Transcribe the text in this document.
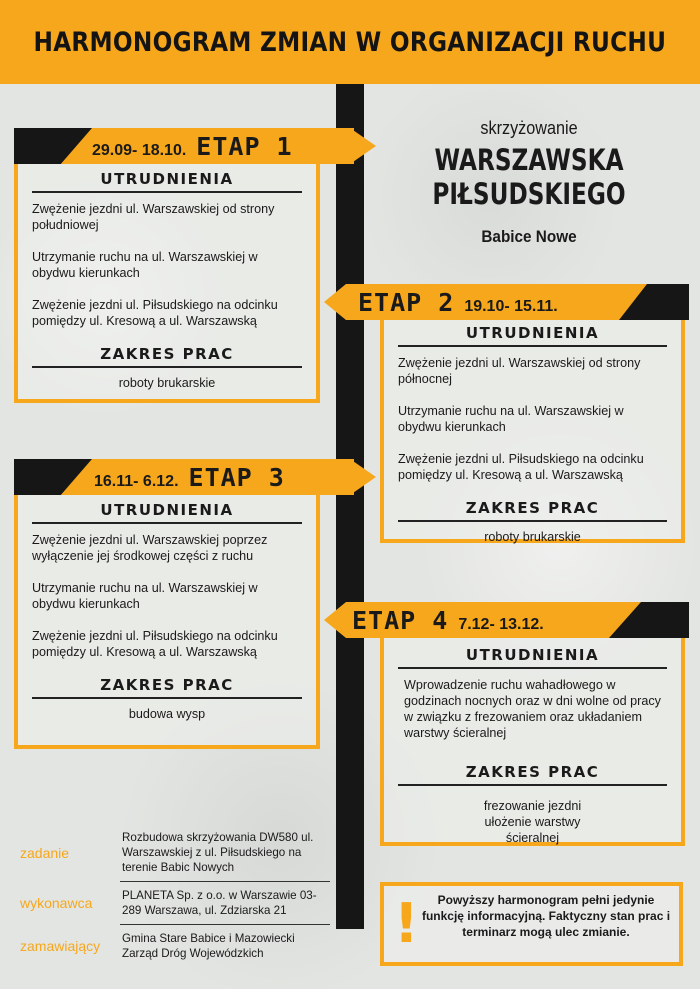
HARMONOGRAM ZMIAN W ORGANIZACJI RUCHU
skrzyżowanie
WARSZAWSKA
PIŁSUDSKIEGO
Babice Nowe
29.09- 18.10. ETAP 1
UTRUDNIENIA

Zwężenie jezdni ul. Warszawskiej od strony południowej

Utrzymanie ruchu na ul. Warszawskiej w obydwu kierunkach

Zwężenie jezdni ul. Piłsudskiego na odcinku pomiędzy ul. Kresową a ul. Warszawską

ZAKRES PRAC
roboty brukarskie
ETAP 2 19.10- 15.11.
UTRUDNIENIA

Zwężenie jezdni ul. Warszawskiej od strony północnej

Utrzymanie ruchu na ul. Warszawskiej w obydwu kierunkach

Zwężenie jezdni ul. Piłsudskiego na odcinku pomiędzy ul. Kresową a ul. Warszawską

ZAKRES PRAC
roboty brukarskie
16.11- 6.12. ETAP 3
UTRUDNIENIA

Zwężenie jezdni ul. Warszawskiej poprzez wyłączenie jej środkowej części z ruchu

Utrzymanie ruchu na ul. Warszawskiej w obydwu kierunkach

Zwężenie jezdni ul. Piłsudskiego na odcinku pomiędzy ul. Kresową a ul. Warszawską

ZAKRES PRAC
budowa wysp
ETAP 4 7.12- 13.12.
UTRUDNIENIA

Wprowadzenie ruchu wahadłowego w godzinach nocnych oraz w dni wolne od pracy w związku z frezowaniem oraz układaniem warstwy ścieralnej

ZAKRES PRAC
frezowanie jezdni ułożenie warstwy ścieralnej
zadanie
Rozbudowa skrzyżowania DW580 ul. Warszawskiej z ul. Piłsudskiego na terenie Babic Nowych
wykonawca	PLANETA Sp. z o.o. w Warszawie 03-289 Warszawa, ul. Zdziarska 21
zamawiający	Gmina Stare Babice i Mazowiecki Zarząd Dróg Wojewódzkich	!	Powyższy harmonogram pełni jedynie funkcję informacyjną. Faktyczny stan prac i terminarz mogą ulec zmianie.
